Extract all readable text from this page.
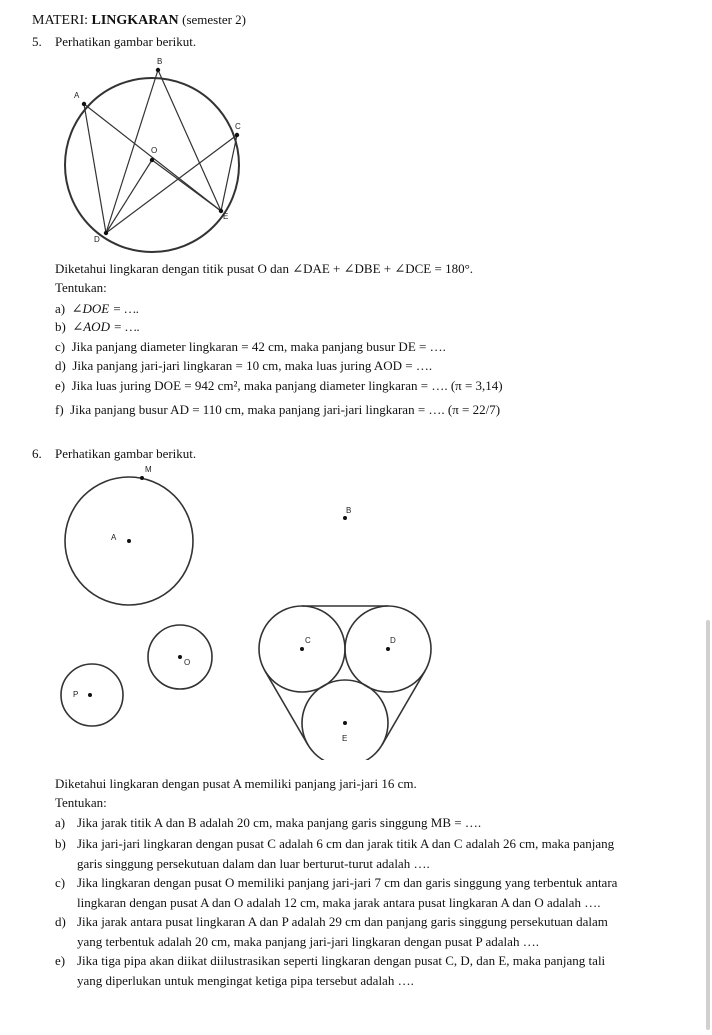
MATERI: LINGKARAN (semester 2)
5. Perhatikan gambar berikut.
B
A
C
O
D
E
Diketahui lingkaran dengan titik pusat O dan ∠DAE + ∠DBE + ∠DCE = 180°.
Tentukan:
a) ∠DOE = ….
b) ∠AOD = ….
c) Jika panjang diameter lingkaran = 42 cm, maka panjang busur DE = ….
d) Jika panjang jari-jari lingkaran = 10 cm, maka luas juring AOD = ….
e) Jika luas juring DOE = 942 cm², maka panjang diameter lingkaran = …. (π = 3,14)
f) Jika panjang busur AD = 110 cm, maka panjang jari-jari lingkaran = …. (π = 22/7)
6. Perhatikan gambar berikut.
M
A
B
O
P
C	D
E
Diketahui lingkaran dengan pusat A memiliki panjang jari-jari 16 cm.
Tentukan:
a) Jika jarak titik A dan B adalah 20 cm, maka panjang garis singgung MB = ….
b) Jika jari-jari lingkaran dengan pusat C adalah 6 cm dan jarak titik A dan C adalah 26 cm, maka panjang
garis singgung persekutuan dalam dan luar berturut-turut adalah ….
c) Jika lingkaran dengan pusat O memiliki panjang jari-jari 7 cm dan garis singgung yang terbentuk antara
lingkaran dengan pusat A dan O adalah 12 cm, maka jarak antara pusat lingkaran A dan O adalah ….
d) Jika jarak antara pusat lingkaran A dan P adalah 29 cm dan panjang garis singgung persekutuan dalam
yang terbentuk adalah 20 cm, maka panjang jari-jari lingkaran dengan pusat P adalah ….
e) Jika tiga pipa akan diikat diilustrasikan seperti lingkaran dengan pusat C, D, dan E, maka panjang tali
yang diperlukan untuk mengingat ketiga pipa tersebut adalah ….
